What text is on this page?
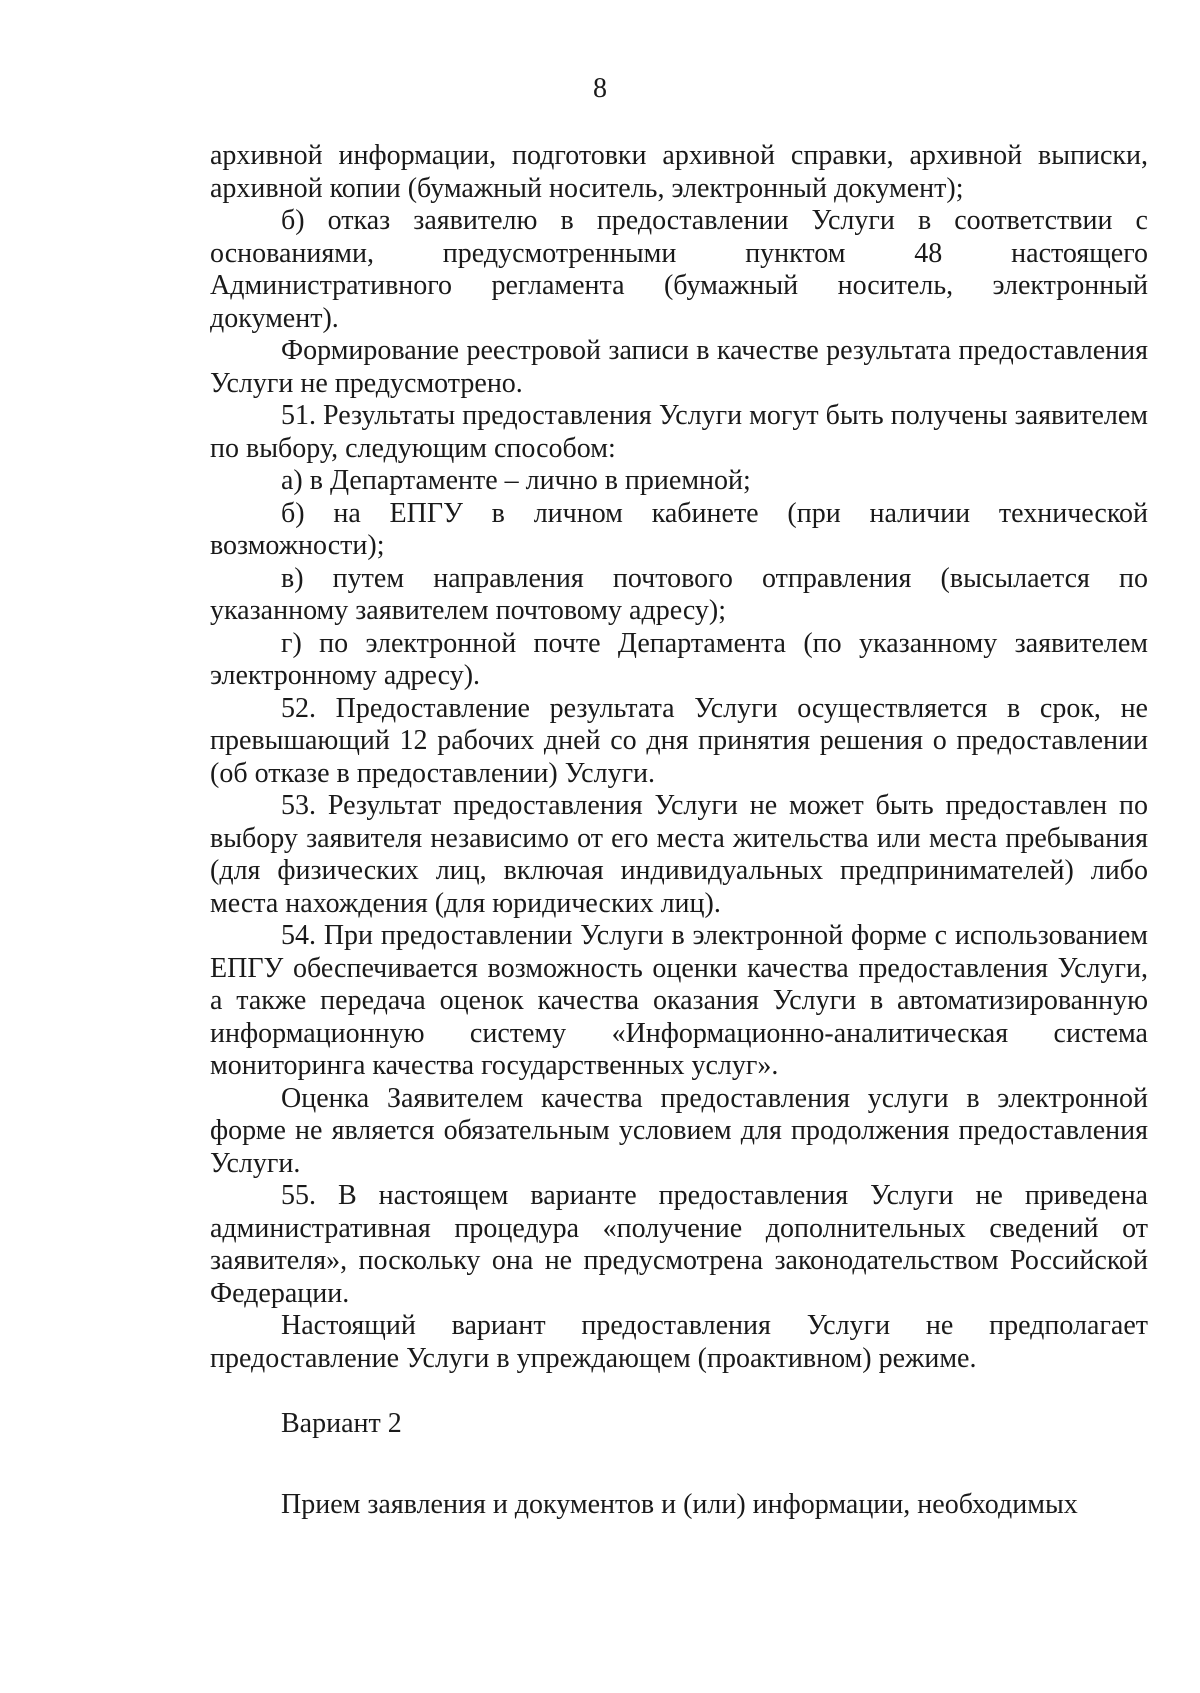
8

архивной информации, подготовки архивной справки, архивной выписки, архивной копии (бумажный носитель, электронный документ);

б) отказ заявителю в предоставлении Услуги в соответствии с основаниями, предусмотренными пунктом 48 настоящего Административного регламента (бумажный носитель, электронный документ).

Формирование реестровой записи в качестве результата предоставления Услуги не предусмотрено.

51. Результаты предоставления Услуги могут быть получены заявителем по выбору, следующим способом:

а) в Департаменте – лично в приемной;

б) на ЕПГУ в личном кабинете (при наличии технической возможности);

в) путем направления почтового отправления (высылается по указанному заявителем почтовому адресу);

г) по электронной почте Департамента (по указанному заявителем электронному адресу).

52. Предоставление результата Услуги осуществляется в срок, не превышающий 12 рабочих дней со дня принятия решения о предоставлении (об отказе в предоставлении) Услуги.

53. Результат предоставления Услуги не может быть предоставлен по выбору заявителя независимо от его места жительства или места пребывания (для физических лиц, включая индивидуальных предпринимателей) либо места нахождения (для юридических лиц).

54. При предоставлении Услуги в электронной форме с использованием ЕПГУ обеспечивается возможность оценки качества предоставления Услуги, а также передача оценок качества оказания Услуги в автоматизированную информационную систему «Информационно-аналитическая система мониторинга качества государственных услуг».

Оценка Заявителем качества предоставления услуги в электронной форме не является обязательным условием для продолжения предоставления Услуги.

55. В настоящем варианте предоставления Услуги не приведена административная процедура «получение дополнительных сведений от заявителя», поскольку она не предусмотрена законодательством Российской Федерации.

Настоящий вариант предоставления Услуги не предполагает предоставление Услуги в упреждающем (проактивном) режиме.

Вариант 2

Прием заявления и документов и (или) информации, необходимых
